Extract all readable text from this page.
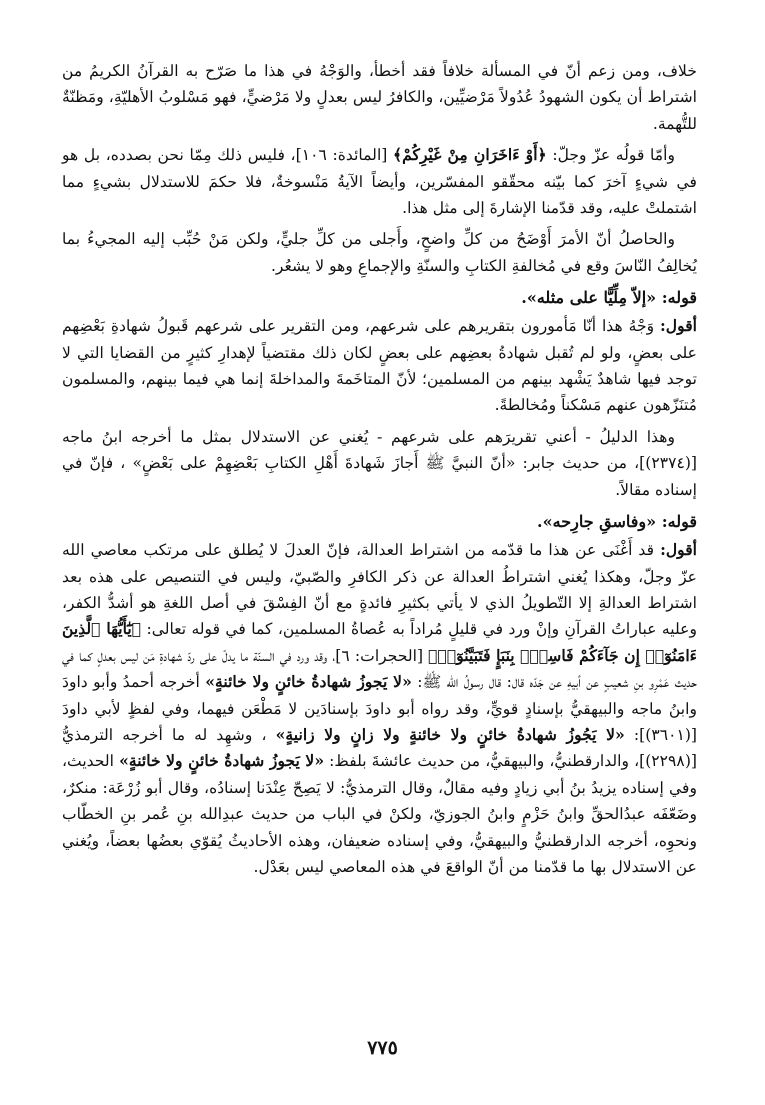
خلاف، ومن زعم أنّ في المسألة خلافاً فقد أخطأ، والوَجْهُ في هذا ما صَرّح به القرآنُ الكريمُ من اشتراط أن يكون الشهودُ عُدُولاً مَرْضيِّين، والكافرُ ليس بعدلٍ ولا مَرْضيٍّ، فهو مَسْلوبُ الأهليّةِ، ومَظنّةٌ للتُّهمة.

وأمّا قولُه عزّ وجلّ: ﴿أَوْ ءَاخَرَانِ مِنْ غَيْرِكُمْ﴾ [المائدة: ١٠٦]، فليس ذلك مِمّا نحن بصدده، بل هو في شيءٍ آخرَ كما بيّنه محقّقو المفسّرين، وأيضاً الآيةُ مَنْسوخةٌ، فلا حكمَ للاستدلال بشيءٍ مما اشتملتْ عليه، وقد قدّمنا الإشارةَ إلى مثل هذا.

والحاصلُ أنّ الأمرَ أَوْضَحُ من كلِّ واضحٍ، وأَجلى من كلِّ جليٍّ، ولكن مَنْ حُبِّب إليه المجيءُ بما يُخالِفُ النّاسَ وقع في مُخالفةِ الكتابِ والسنّةِ والإجماعِ وهو لا يشعُر.

قوله: «إلاّ مِلِّيًّا على مثله».

أقول: وَجْهُ هذا أنّا مَأمورون بتقريرهم على شرعهم، ومن التقرير على شرعهم قَبولُ شهادةِ بَعْضِهم على بعضٍ، ولو لم تُقبل شهادةُ بعضِهم على بعضٍ لكان ذلك مقتضياً لإهدارِ كثيرٍ من القضايا التي لا توجد فيها شاهدٌ يَشْهد بينهم من المسلمين؛ لأنّ المتاخَمةَ والمداخلةَ إنما هي فيما بينهم، والمسلمون مُتنَزّهون عنهم مَسْكناً ومُخالطةً.

وهذا الدليلُ - أعني تقريرَهم على شرعهم - يُغني عن الاستدلال بمثل ما أخرجه ابنُ ماجه [(٢٣٧٤)]، من حديث جابر: «أنّ النبيَّ ﷺ أَجازَ شَهادةَ أَهْلِ الكتابِ بَعْضِهِمْ على بَعْضٍ» ، فإنّ في إسناده مقالاً.

قوله: «وفاسقِ جارِحه».

أقول: قد أَغْنَى عن هذا ما قدّمه من اشتراط العدالة، فإنّ العدلَ لا يُطلق على مرتكب معاصي الله عزّ وجلّ، وهكذا يُغني اشتراطُ العدالة عن ذكر الكافرِ والصّبيّ، وليس في التنصيص على هذه بعد اشتراط العدالةِ إلا التّطويلُ الذي لا يأتي بكثيرِ فائدةٍ مع أنّ الفِسْقَ في أصل اللغةِ هو أشدُّ الكفر، وعليه عباراتُ القرآنِ وإنْ ورد في قليلٍ مُراداً به عُصاةُ المسلمين، كما في قوله تعالى: ﴿يَٰٓأَيُّهَا ٱلَّذِينَ ءَامَنُوٓا۟ إِن جَآءَكُمْ فَاسِقٌۢ بِنَبَإٍ فَتَبَيَّنُوٓا۟﴾ [الحجرات: ٦]، وقد ورد في السنّة ما يدلّ على ردّ شهادةِ مَن ليس بعدلٍ كما في حديث عَمْرِو بنِ شعيبٍ عن أبيهِ عن جَدّه قال: قال رسولُ الله ﷺ: «لا يَجوزُ شهادةُ خائنٍ ولا خائنةٍ» أخرجه أحمدُ وأبو داودَ وابنُ ماجه والبيهقيُّ بإسنادٍ قويٍّ، وقد رواه أبو داودَ بإسنادَين لا مَطْعَن فيهما، وفي لفظٍ لأبي داودَ [(٣٦٠١)]: «لا يَجُوزُ شهادةُ خائنٍ ولا خائنةٍ ولا زانٍ ولا زانيةٍ» ، وشهِد له ما أخرجه الترمذيُّ [(٢٢٩٨)]، والدارقطنيُّ، والبيهقيُّ، من حديث عائشةَ بلفظ: «لا يَجوزُ شهادةُ خائنٍ ولا خائنةٍ» الحديث، وفي إسناده يزيدُ بنُ أبي زيادٍ وفيه مقالٌ، وقال الترمذيُّ: لا يَصِحّ عِنْدَنا إسنادُه، وقال أبو زُرْعَة: منكرٌ، وضَعّفَه عبدُالحقِّ وابنُ حَزْمٍ وابنُ الجوزيّ، ولكنْ في الباب من حديث عبدِالله بنِ عُمر بنِ الخطّاب ونحوِه، أخرجه الدارقطنيُّ والبيهقيُّ، وفي إسناده ضعيفان، وهذه الأحاديثُ يُقوّي بعضُها بعضاً، ويُغني عن الاستدلال بها ما قدّمنا من أنّ الواقعَ في هذه المعاصي ليس بعَدْل.

٧٧٥
